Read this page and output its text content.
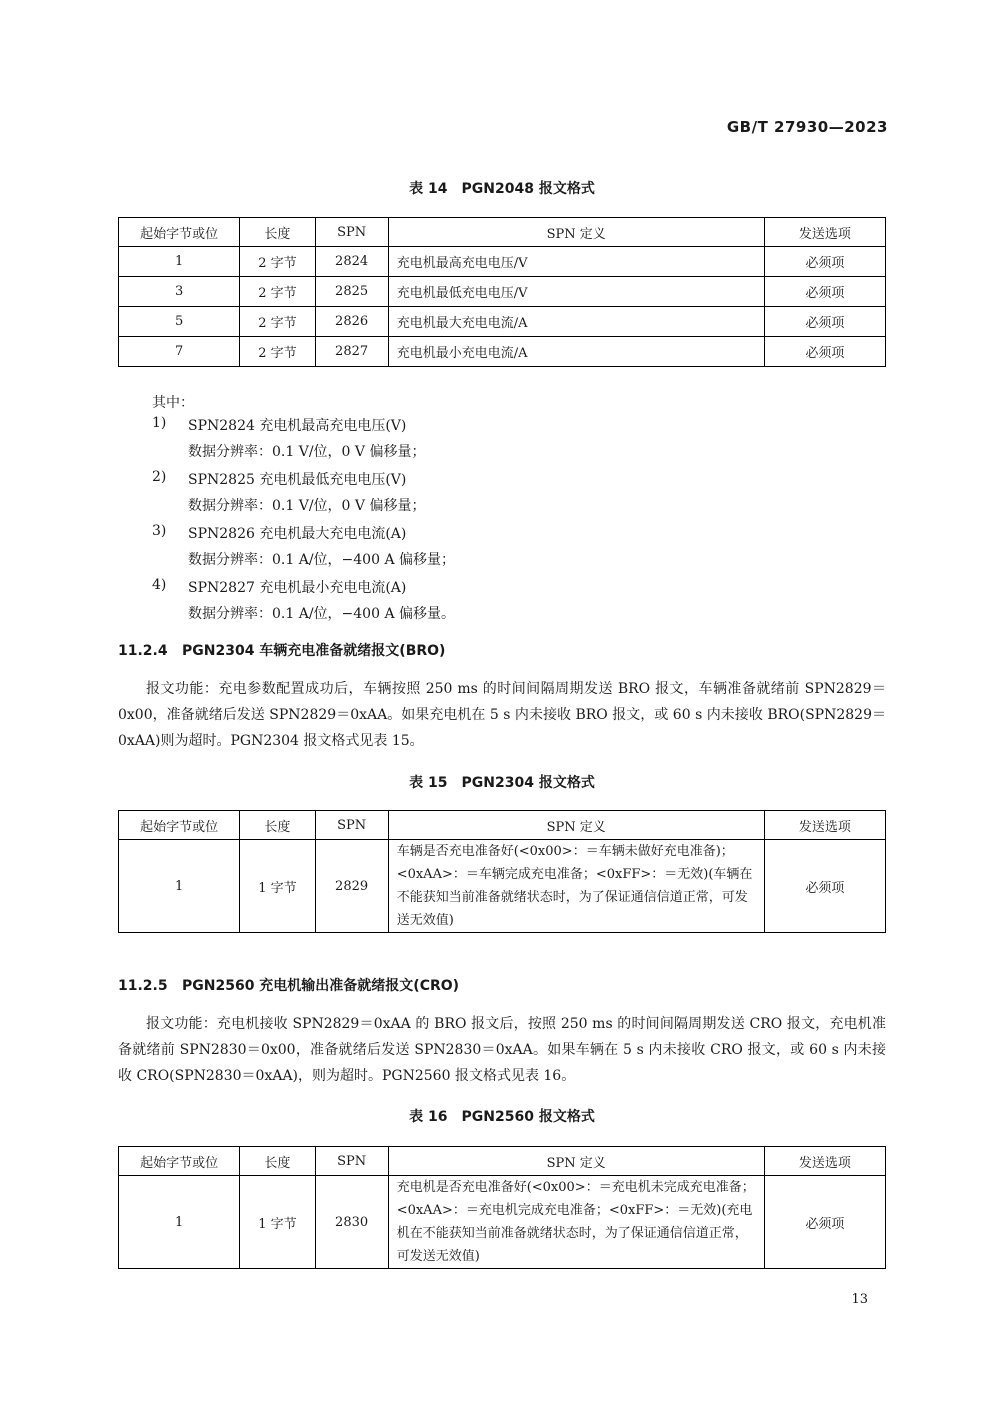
GB/T 27930—2023
表 14　PGN2048 报文格式
起始字节或位	长度	SPN	SPN 定义	发送选项
1	2 字节	2824	充电机最高充电电压/V	必须项
3	2 字节	2825	充电机最低充电电压/V	必须项
5	2 字节	2826	充电机最大充电电流/A	必须项
7	2 字节	2827	充电机最小充电电流/A	必须项
其中：
1)	SPN2824 充电机最高充电电压(V)
数据分辨率：0.1 V/位，0 V 偏移量；
2)	SPN2825 充电机最低充电电压(V)
数据分辨率：0.1 V/位，0 V 偏移量；
3)	SPN2826 充电机最大充电电流(A)
数据分辨率：0.1 A/位，−400 A 偏移量；
4)	SPN2827 充电机最小充电电流(A)
数据分辨率：0.1 A/位，−400 A 偏移量。
11.2.4 PGN2304 车辆充电准备就绪报文(BRO)

报文功能：充电参数配置成功后，车辆按照 250 ms 的时间间隔周期发送 BRO 报文，车辆准备就绪前 SPN2829＝0x00，准备就绪后发送 SPN2829＝0xAA。如果充电机在 5 s 内未接收 BRO 报文，或 60 s 内未接收 BRO(SPN2829＝0xAA)则为超时。PGN2304 报文格式见表 15。

表 15　PGN2304 报文格式
起始字节或位	长度	SPN	SPN 定义	发送选项
1	1 字节	2829	车辆是否充电准备好(<0x00>：＝车辆未做好充电准备)；<0xAA>：＝车辆完成充电准备；<0xFF>：＝无效)(车辆在不能获知当前准备就绪状态时，为了保证通信信道正常，可发送无效值)	必须项
11.2.5 PGN2560 充电机输出准备就绪报文(CRO)

报文功能：充电机接收 SPN2829＝0xAA 的 BRO 报文后，按照 250 ms 的时间间隔周期发送 CRO 报文，充电机准备就绪前 SPN2830＝0x00，准备就绪后发送 SPN2830＝0xAA。如果车辆在 5 s 内未接收 CRO 报文，或 60 s 内未接收 CRO(SPN2830＝0xAA)，则为超时。PGN2560 报文格式见表 16。

表 16　PGN2560 报文格式
起始字节或位	长度	SPN	SPN 定义	发送选项
1	1 字节	2830	充电机是否充电准备好(<0x00>：＝充电机未完成充电准备；<0xAA>：＝充电机完成充电准备；<0xFF>：＝无效)(充电机在不能获知当前准备就绪状态时，为了保证通信信道正常，可发送无效值)	必须项
13
